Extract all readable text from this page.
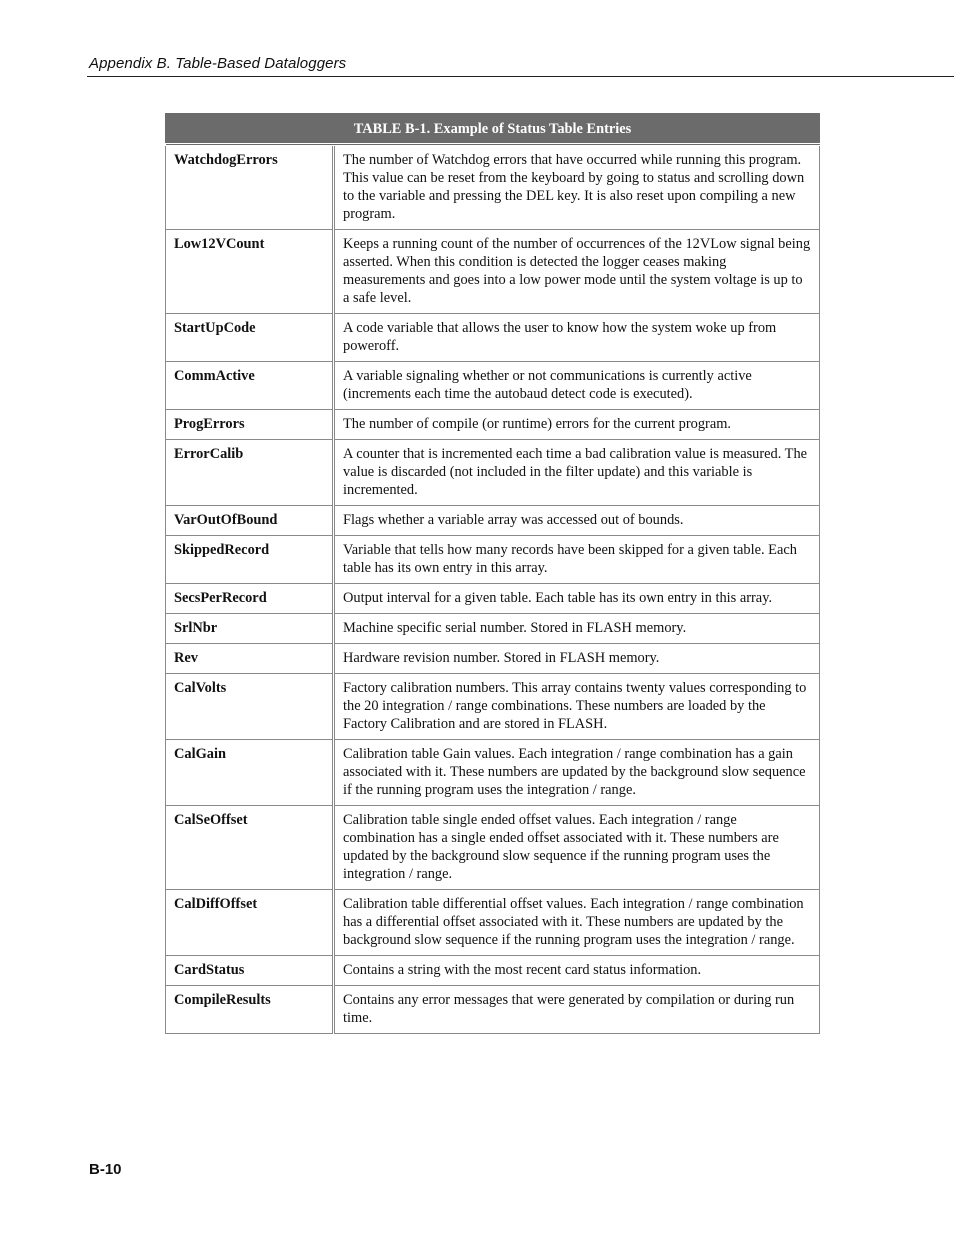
Appendix B. Table-Based Dataloggers
TABLE B-1. Example of Status Table Entries	
WatchdogErrors	The number of Watchdog errors that have occurred while running this program. This value can be reset from the keyboard by going to status and scrolling down to the variable and pressing the DEL key. It is also reset upon compiling a new program.
Low12VCount	Keeps a running count of the number of occurrences of the 12VLow signal being asserted. When this condition is detected the logger ceases making measurements and goes into a low power mode until the system voltage is up to a safe level.
StartUpCode	A code variable that allows the user to know how the system woke up from poweroff.
CommActive	A variable signaling whether or not communications is currently active (increments each time the autobaud detect code is executed).
ProgErrors	The number of compile (or runtime) errors for the current program.
ErrorCalib	A counter that is incremented each time a bad calibration value is measured. The value is discarded (not included in the filter update) and this variable is incremented.
VarOutOfBound	Flags whether a variable array was accessed out of bounds.
SkippedRecord	Variable that tells how many records have been skipped for a given table. Each table has its own entry in this array.
SecsPerRecord	Output interval for a given table. Each table has its own entry in this array.
SrlNbr	Machine specific serial number. Stored in FLASH memory.
Rev	Hardware revision number. Stored in FLASH memory.
CalVolts	Factory calibration numbers. This array contains twenty values corresponding to the 20 integration / range combinations. These numbers are loaded by the Factory Calibration and are stored in FLASH.
CalGain	Calibration table Gain values. Each integration / range combination has a gain associated with it. These numbers are updated by the background slow sequence if the running program uses the integration / range.
CalSeOffset	Calibration table single ended offset values. Each integration / range combination has a single ended offset associated with it. These numbers are updated by the background slow sequence if the running program uses the integration / range.
CalDiffOffset	Calibration table differential offset values. Each integration / range combination has a differential offset associated with it. These numbers are updated by the background slow sequence if the running program uses the integration / range.
CardStatus	Contains a string with the most recent card status information.
CompileResults	Contains any error messages that were generated by compilation or during run time.
B-10
